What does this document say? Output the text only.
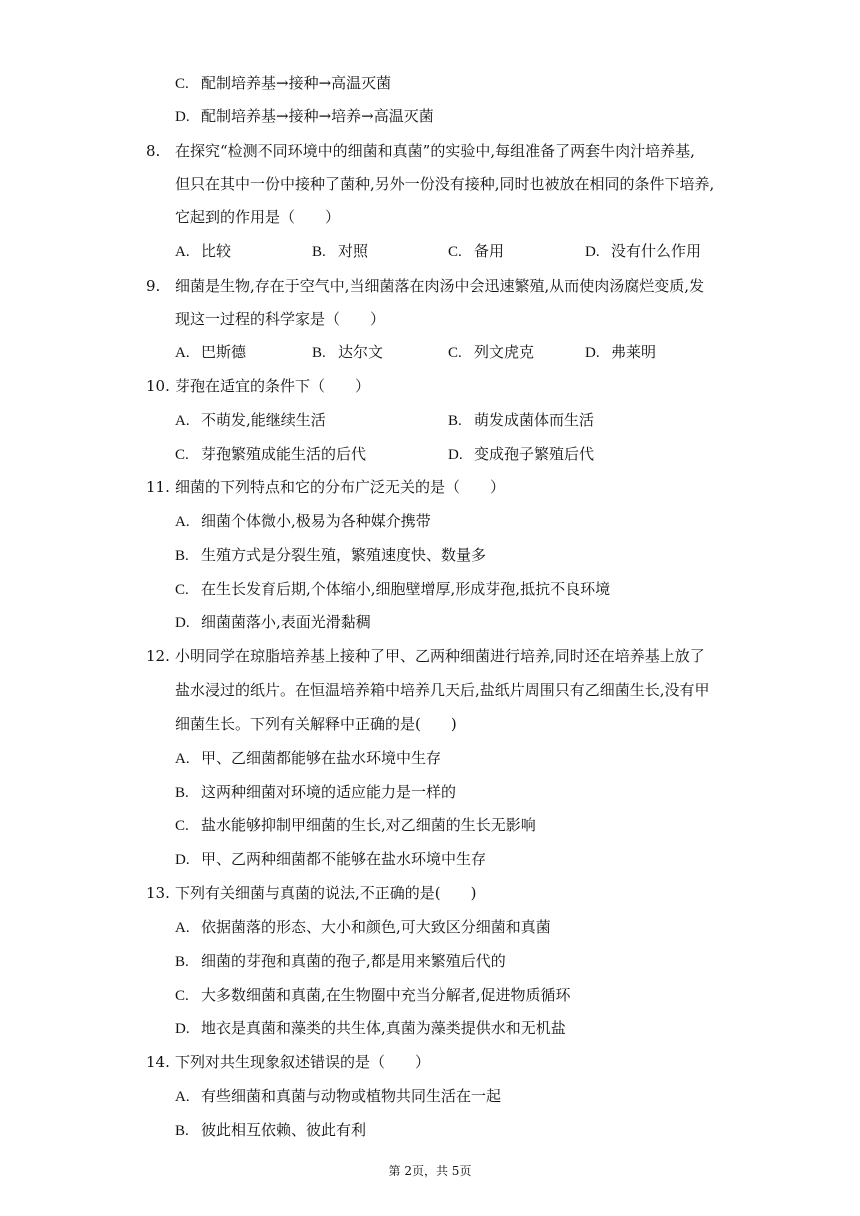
C. 配制培养基→接种→高温灭菌
D. 配制培养基→接种→培养→高温灭菌
8. 在探究“检测不同环境中的细菌和真菌”的实验中,每组准备了两套牛肉汁培养基,
但只在其中一份中接种了菌种,另外一份没有接种,同时也被放在相同的条件下培养,
它起到的作用是（　　）
A. 比较	B. 对照	C. 备用	D. 没有什么作用
9. 细菌是生物,存在于空气中,当细菌落在肉汤中会迅速繁殖,从而使肉汤腐烂变质,发
现这一过程的科学家是（　　）
A. 巴斯德	B. 达尔文	C. 列文虎克	D. 弗莱明
10. 芽孢在适宜的条件下（　　）
A. 不萌发,能继续生活	B. 萌发成菌体而生活
C. 芽孢繁殖成能生活的后代	D. 变成孢子繁殖后代
11. 细菌的下列特点和它的分布广泛无关的是（　　）
A. 细菌个体微小,极易为各种媒介携带
B. 生殖方式是分裂生殖，繁殖速度快、数量多
C. 在生长发育后期,个体缩小,细胞壁增厚,形成芽孢,抵抗不良环境
D. 细菌菌落小,表面光滑黏稠
12. 小明同学在琼脂培养基上接种了甲、乙两种细菌进行培养,同时还在培养基上放了
盐水浸过的纸片。在恒温培养箱中培养几天后,盐纸片周围只有乙细菌生长,没有甲
细菌生长。下列有关解释中正确的是(　　)
A. 甲、乙细菌都能够在盐水环境中生存
B. 这两种细菌对环境的适应能力是一样的
C. 盐水能够抑制甲细菌的生长,对乙细菌的生长无影响
D. 甲、乙两种细菌都不能够在盐水环境中生存
13. 下列有关细菌与真菌的说法,不正确的是(　　)
A. 依据菌落的形态、大小和颜色,可大致区分细菌和真菌
B. 细菌的芽孢和真菌的孢子,都是用来繁殖后代的
C. 大多数细菌和真菌,在生物圈中充当分解者,促进物质循环
D. 地衣是真菌和藻类的共生体,真菌为藻类提供水和无机盐
14. 下列对共生现象叙述错误的是（　　）
A. 有些细菌和真菌与动物或植物共同生活在一起
B. 彼此相互依赖、彼此有利
第 2页，共 5页
